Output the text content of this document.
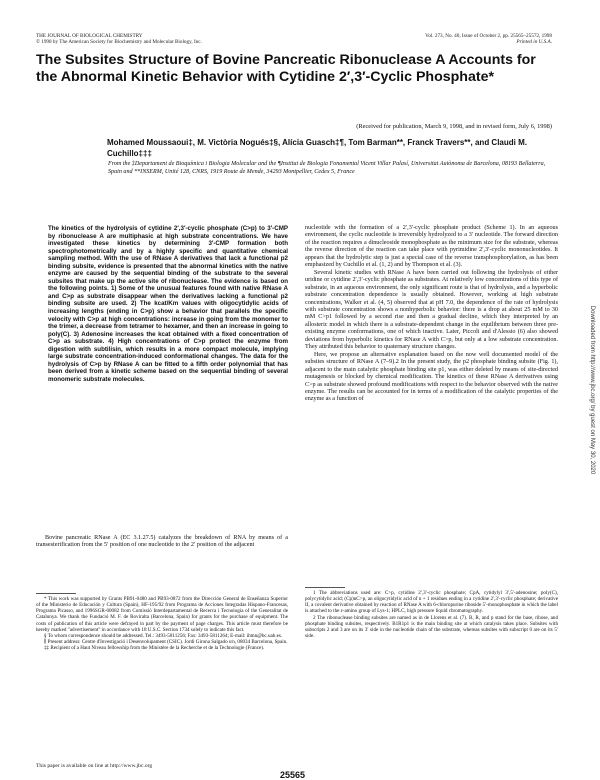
THE JOURNAL OF BIOLOGICAL CHEMISTRY
© 1998 by The American Society for Biochemistry and Molecular Biology, Inc.
Vol. 273, No. 40, Issue of October 2, pp. 25565–25572, 1998
Printed in U.S.A.
The Subsites Structure of Bovine Pancreatic Ribonuclease A Accounts for the Abnormal Kinetic Behavior with Cytidine 2′,3′-Cyclic Phosphate*
(Received for publication, March 9, 1998, and in revised form, July 6, 1998)
Mohamed Moussaoui‡, M. Victòria Nogués‡§, Alícia Guasch‡¶, Tom Barman**, Franck Travers**, and Claudi M. Cuchillo‡‡‡
From the ‡Departament de Bioquímica i Biologia Molecular and the ¶Institut de Biologia Fonamental Vicent Villar Palasí, Universitat Autònoma de Barcelona, 08193 Bellaterra, Spain and **INSERM, Unité 128, CNRS, 1919 Route de Mende, 34293 Montpellier, Cedex 5, France
The kinetics of the hydrolysis of cytidine 2′,3′-cyclic phosphate (C>p) to 3′-CMP by ribonuclease A are multiphasic at high substrate concentrations. We have investigated these kinetics by determining 3′-CMP formation both spectrophotometrically and by a highly specific and quantitative chemical sampling method. With the use of RNase A derivatives that lack a functional p2 binding subsite, evidence is presented that the abnormal kinetics with the native enzyme are caused by the sequential binding of the substrate to the several subsites that make up the active site of ribonuclease. The evidence is based on the following points. 1) Some of the unusual features found with native RNase A and C>p as substrate disappear when the derivatives lacking a functional p2 binding subsite are used. 2) The kcat/Km values with oligocytidylic acids of increasing lengths (ending in C>p) show a behavior that parallels the specific velocity with C>p at high concentrations: increase in going from the monomer to the trimer, a decrease from tetramer to hexamer, and then an increase in going to poly(C). 3) Adenosine increases the kcat obtained with a fixed concentration of C>p as substrate. 4) High concentrations of C>p protect the enzyme from digestion with subtilisin, which results in a more compact molecule, implying large substrate concentration-induced conformational changes. The data for the hydrolysis of C>p by RNase A can be fitted to a fifth order polynomial that has been derived from a kinetic scheme based on the sequential binding of several monomeric substrate molecules.

Bovine pancreatic RNase A (EC 3.1.27.5) catalyzes the breakdown of RNA by means of a transesterification from the 5′ position of one nucleotide to the 2′ position of the adjacent

* This work was supported by Grants PB91-0480 and PB93-0872 from the Dirección General de Enseñanza Superior of the Ministerio de Educación y Cultura (Spain), HF-195/92 from Programa de Acciones Integradas Hispano-Francesas, Programa Picasso, and 1996SGR-00082 from Comissió Interdepartamental de Recerca i Tecnologia of the Generalitat de Catalunya. We thank the Fundació M. F. de Roviralta (Barcelona, Spain) for grants for the purchase of equipment. The costs of publication of this article were defrayed in part by the payment of page charges. This article must therefore be hereby marked "advertisement" in accordance with 18 U.S.C. Section 1734 solely to indicate this fact.

§ To whom correspondence should be addressed. Tel.: 3493-5811256; Fax: 3493-5811264; E-mail: ibmn@bc.uab.es.

∥ Present address: Centre d'Investigació i Desenvolupament (CSIC). Jordi Girona Salgado s/n, 08034 Barcelona, Spain.

‡‡ Recipient of a Haut Niveau fellowship from the Ministère de la Recherche et de la Technologie (France).

nucleotide with the formation of a 2′,3′-cyclic phosphate product (Scheme 1). In an aqueous environment, the cyclic nucleotide is irreversibly hydrolyzed to a 3′ nucleotide. The forward direction of the reaction requires a dinucleoside monophosphate as the minimum size for the substrate, whereas the reverse direction of the reaction can take place with pyrimidine 2′,3′-cyclic mononucleotides. It appears that the hydrolytic step is just a special case of the reverse transphosphorylation, as has been emphasized by Cuchillo et al. (1, 2) and by Thompson et al. (3).

Several kinetic studies with RNase A have been carried out following the hydrolysis of either uridine or cytidine 2′,3′-cyclic phosphate as substrates. At relatively low concentrations of this type of substrate, in an aqueous environment, the only significant route is that of hydrolysis, and a hyperbolic substrate concentration dependence is usually obtained. However, working at high substrate concentrations, Walker et al. (4, 5) observed that at pH 7.0, the dependence of the rate of hydrolysis with substrate concentration shows a nonhyperbolic behavior: there is a drop at about 25 mM to 30 mM C>p1 followed by a second rise and then a gradual decline, which they interpreted by an allosteric model in which there is a substrate-dependent change in the equilibrium between three pre-existing enzyme conformations, one of which inactive. Later, Piccoli and d'Alessio (6) also showed deviations from hyperbolic kinetics for RNase A with C>p, but only at a low substrate concentration. They attributed this behavior to quaternary structure changes.

Here, we propose an alternative explanation based on the now well documented model of the subsites structure of RNase A (7–9).2 In the present study, the p2 phosphate binding subsite (Fig. 1), adjacent to the main catalytic phosphate binding site p1, was either deleted by means of site-directed mutagenesis or blocked by chemical modification. The kinetics of these RNase A derivatives using C>p as substrate showed profound modifications with respect to the behavior observed with the native enzyme. The results can be accounted for in terms of a modification of the catalytic properties of the enzyme as a function of

1 The abbreviations used are: C>p, cytidine 2′,3′-cyclic phosphate; CpA, cytidylyl 3′,5′-adenosine; poly(C), polycytidylic acid; (Cp)nC>p, an oligocytidylic acid of n + 1 residues ending in a cytidine 2′,3′-cyclic phosphate; derivative II, a covalent derivative obtained by reaction of RNase A with 6-chloropurine riboside 5′-monophosphate in which the label is attached to the ε-amino group of Lys-1; HPLC, high pressure liquid chromatography.

2 The ribonuclease binding subsites are named as in de Llorens et al. (7). B, R, and p stand for the base, ribose, and phosphate binding subsites, respectively. B1R1p1 is the main binding site at which catalysis takes place. Subsites with subscripts 2 and 3 are on its 3′ side in the nucleotide chain of the substrate, whereas subsites with subscript 0 are on its 5′ side.

Downloaded from http://www.jbc.org/ by guest on May 30, 2020
This paper is available on line at http://www.jbc.org
25565
